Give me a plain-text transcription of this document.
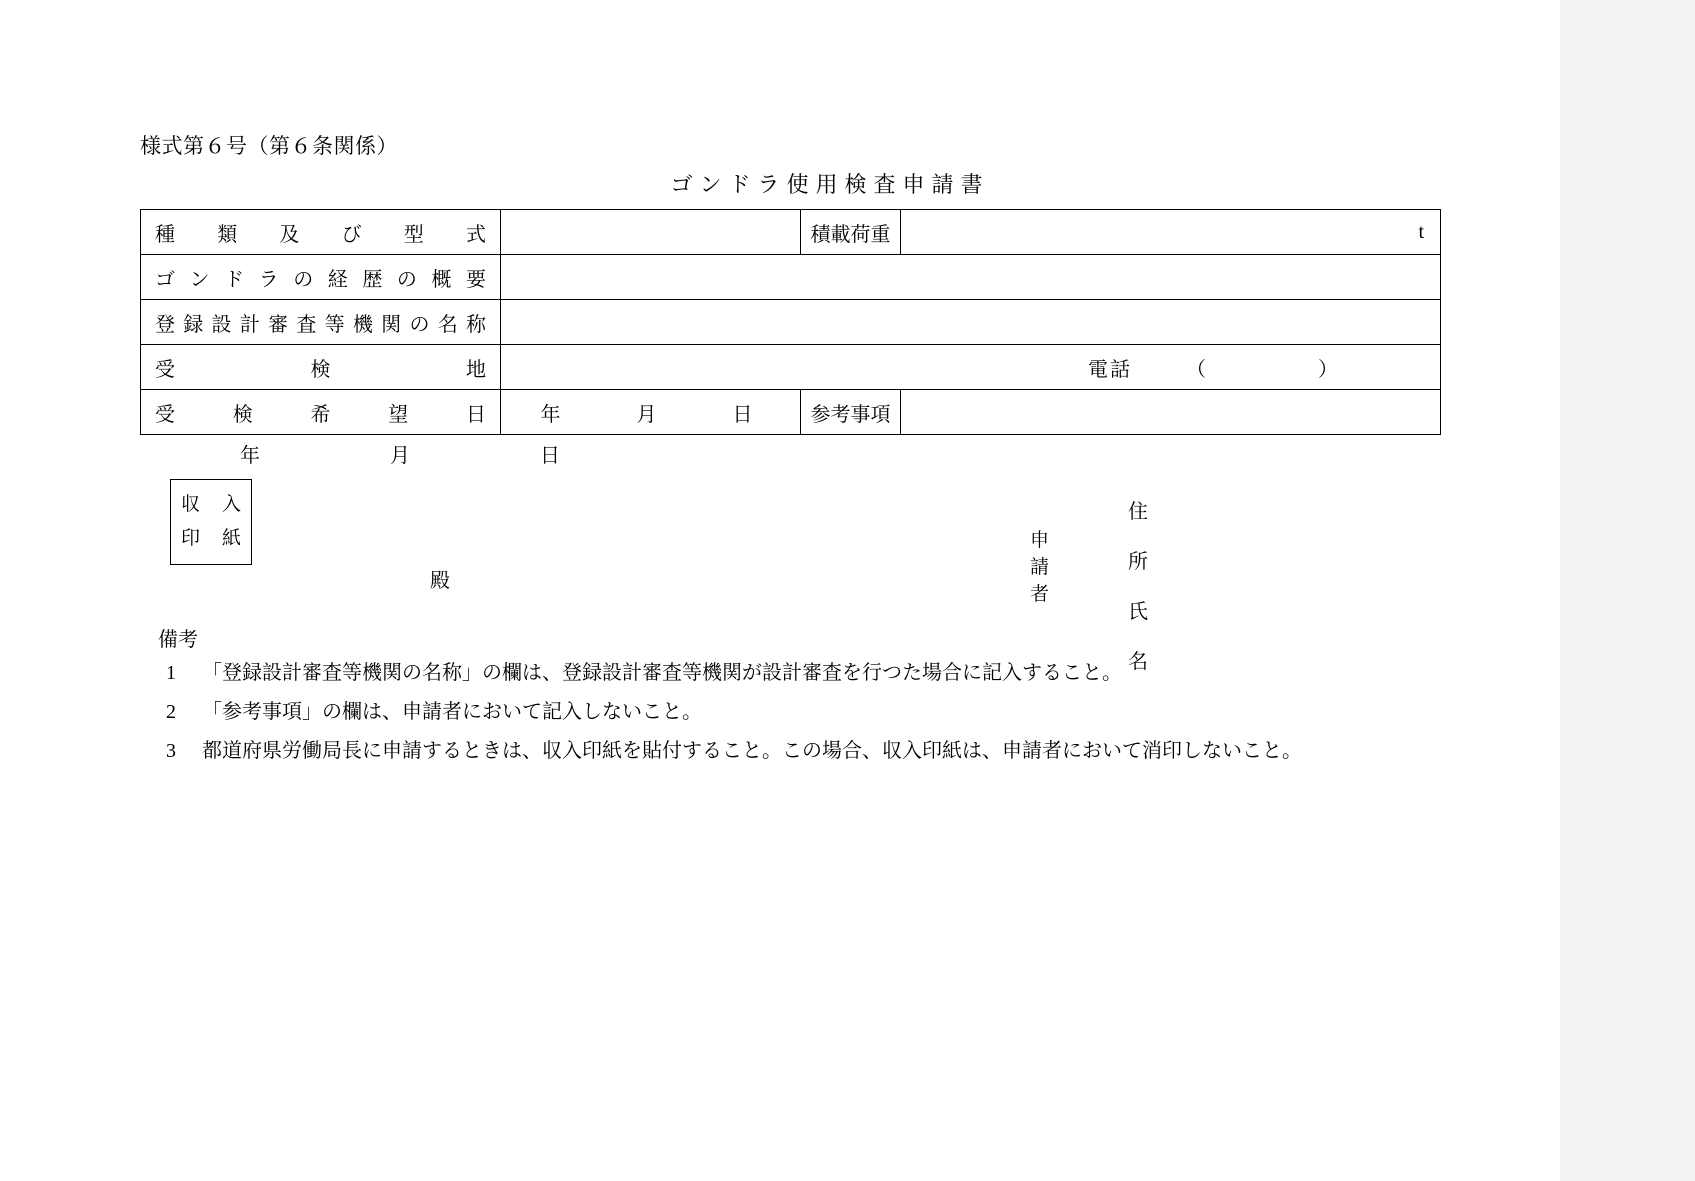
様式第６号（第６条関係）
ゴンドラ使用検査申請書
種類及び型式		積載荷重	t
ゴンドラの経歴の概要			
登録設計審査等機関の名称			
受検地	電話 （　　　　　）		
受検希望日	年　月　日	参考事項	
年　　月　　日
収入
印紙
殿
申請者
住所
氏名
備考
1	「登録設計審査等機関の名称」の欄は、登録設計審査等機関が設計審査を行つた場合に記入すること。
2	「参考事項」の欄は、申請者において記入しないこと。
3	都道府県労働局長に申請するときは、収入印紙を貼付すること。この場合、収入印紙は、申請者において消印しないこと。
